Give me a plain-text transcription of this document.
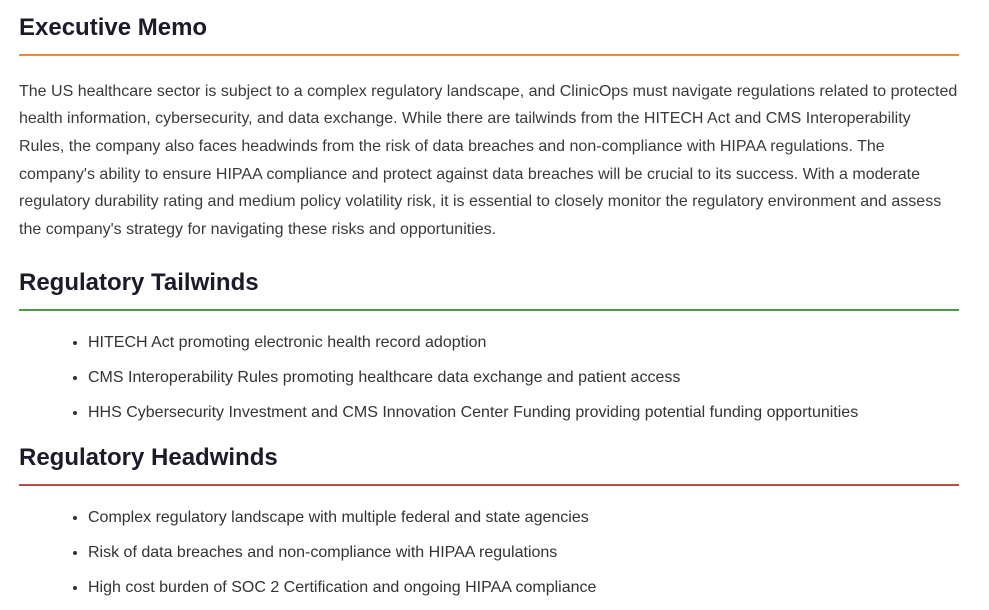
Executive Memo

The US healthcare sector is subject to a complex regulatory landscape, and ClinicOps must navigate regulations related to protected health information, cybersecurity, and data exchange. While there are tailwinds from the HITECH Act and CMS Interoperability Rules, the company also faces headwinds from the risk of data breaches and non-compliance with HIPAA regulations. The company's ability to ensure HIPAA compliance and protect against data breaches will be crucial to its success. With a moderate regulatory durability rating and medium policy volatility risk, it is essential to closely monitor the regulatory environment and assess the company's strategy for navigating these risks and opportunities.

Regulatory Tailwinds
• HITECH Act promoting electronic health record adoption
• CMS Interoperability Rules promoting healthcare data exchange and patient access
• HHS Cybersecurity Investment and CMS Innovation Center Funding providing potential funding opportunities
Regulatory Headwinds
• Complex regulatory landscape with multiple federal and state agencies
• Risk of data breaches and non-compliance with HIPAA regulations
• High cost burden of SOC 2 Certification and ongoing HIPAA compliance
